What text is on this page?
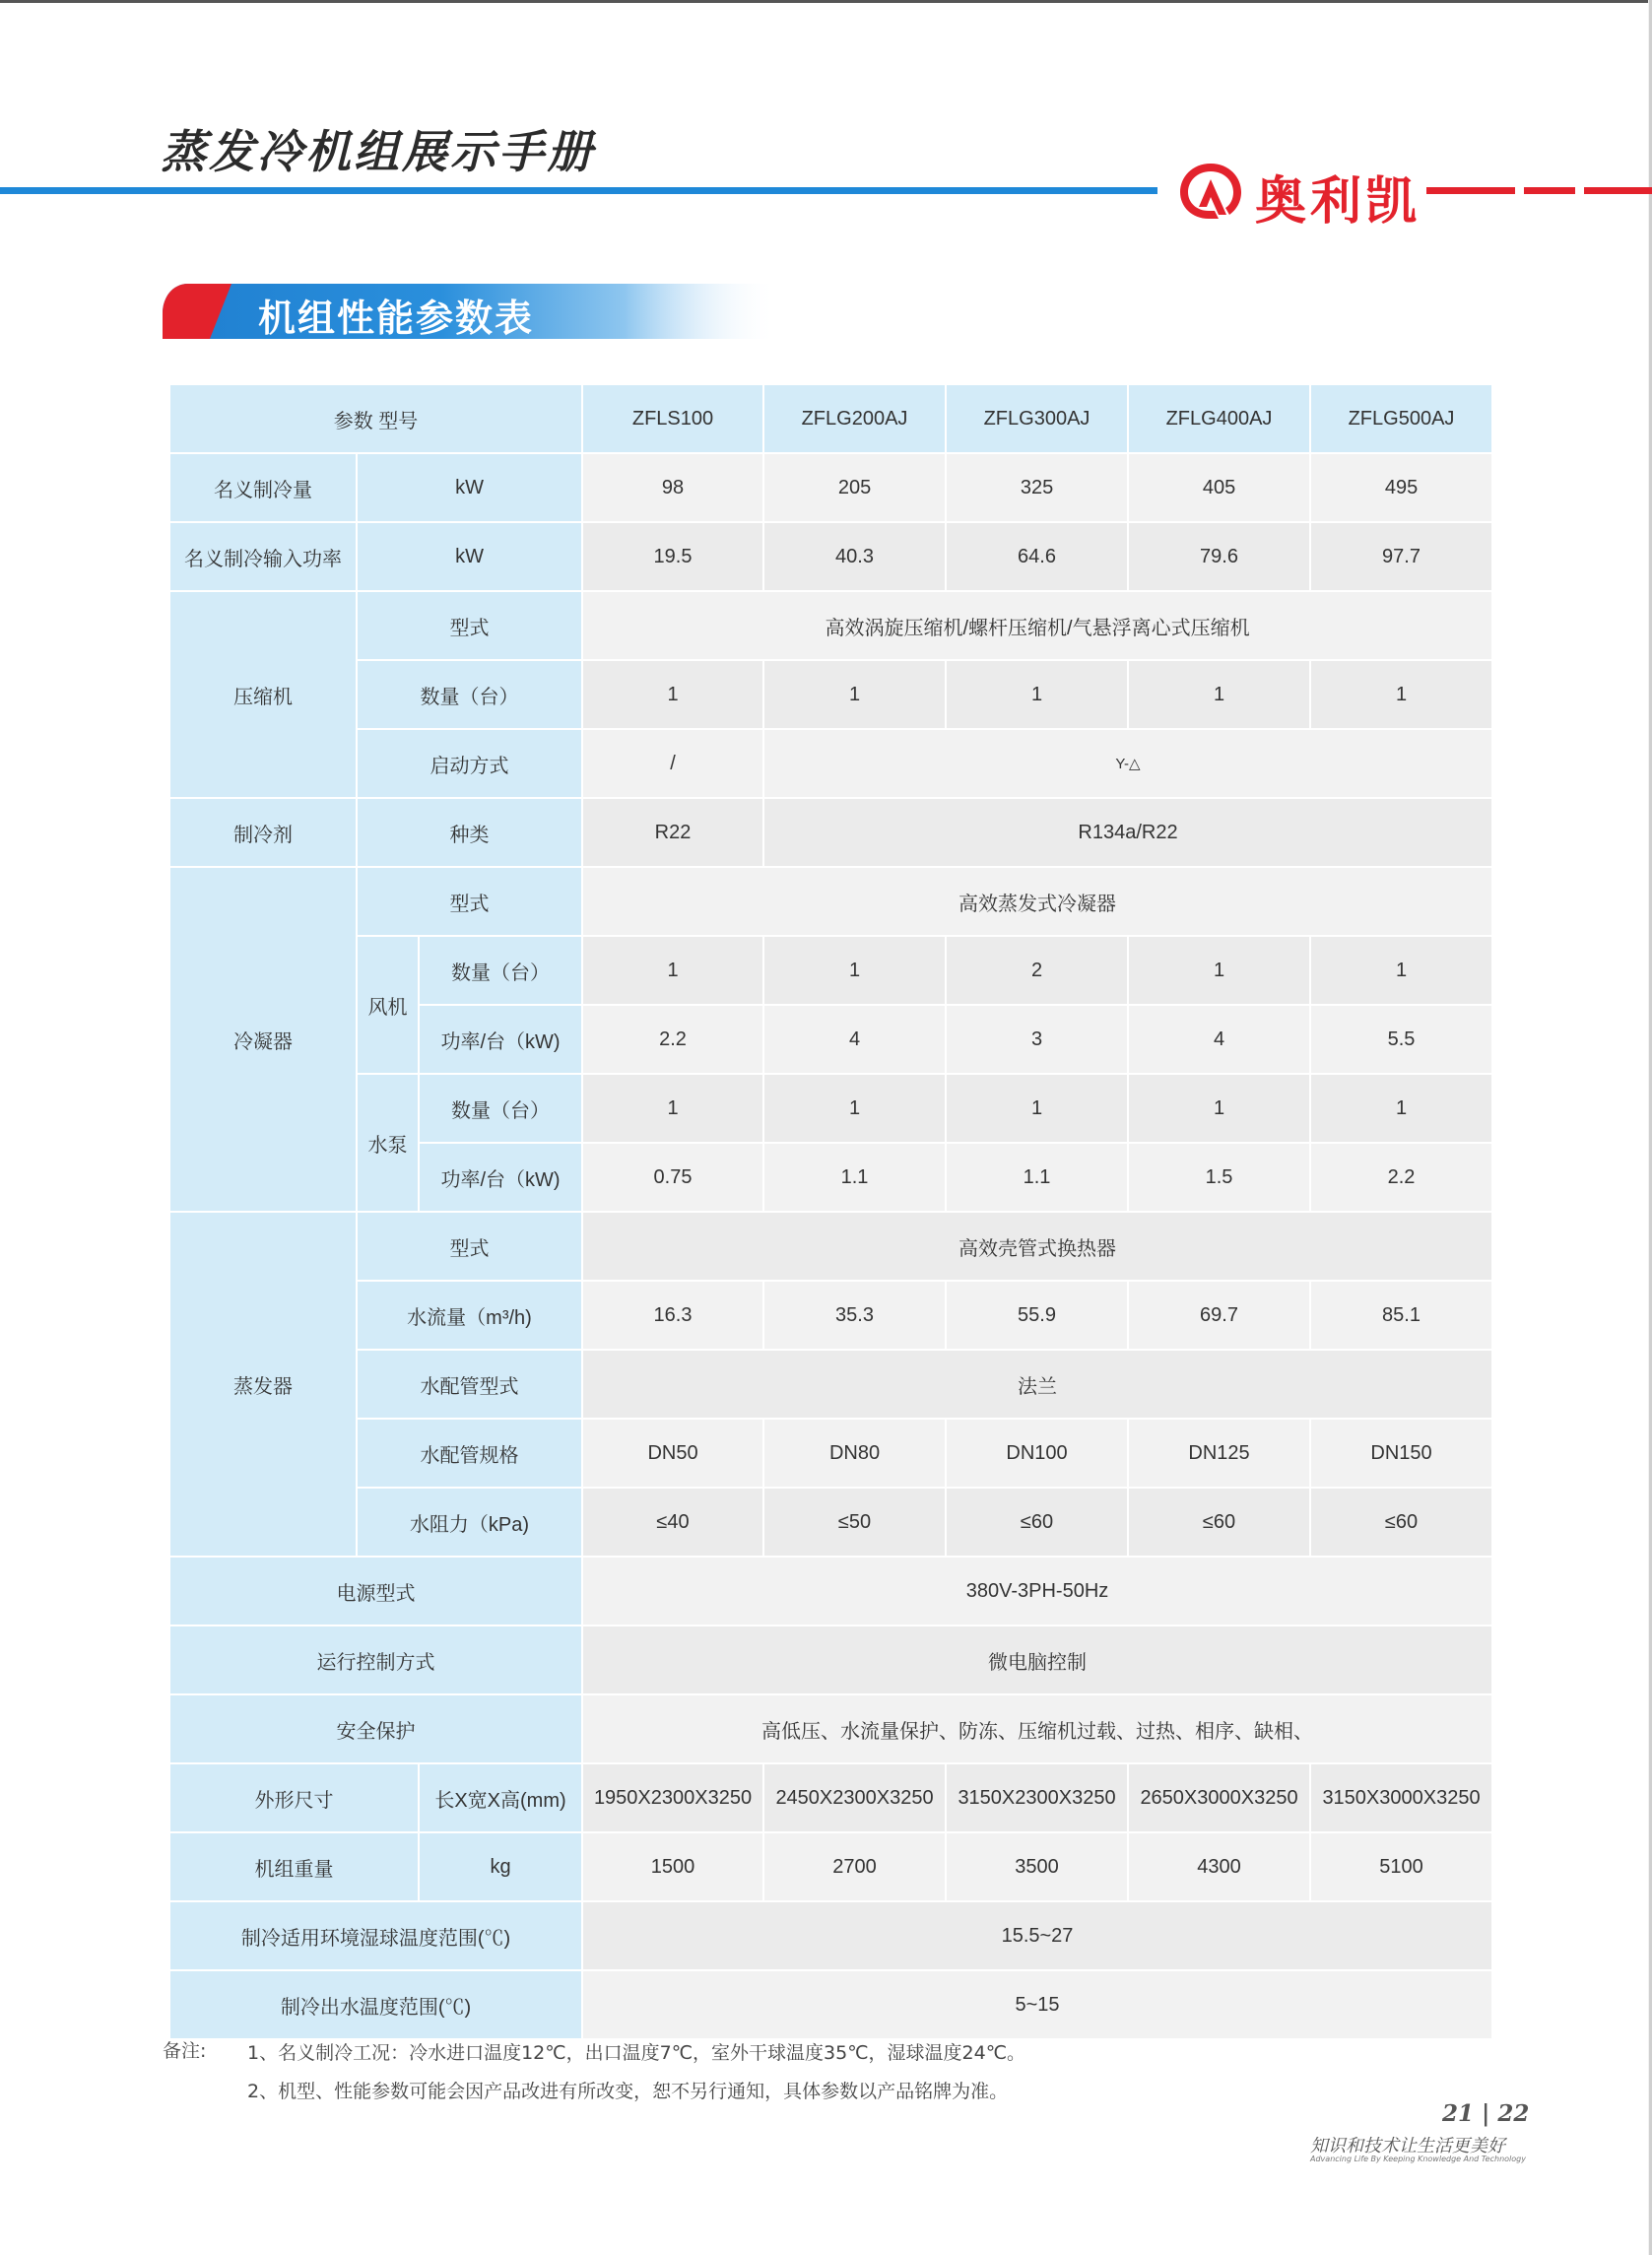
蒸发冷机组展示手册
奥利凯
机组性能参数表
参数 型号			ZFLS100	ZFLG200AJ	ZFLG300AJ	ZFLG400AJ	ZFLG500AJ
名义制冷量	kW		98	205	325	405	495
名义制冷输入功率	kW		19.5	40.3	64.6	79.6	97.7
压缩机	型式		高效涡旋压缩机/螺杆压缩机/气悬浮离心式压缩机				
	数量（台）		1	1	1	1	1
	启动方式		/	Y-△			
制冷剂	种类		R22	R134a/R22			
冷凝器	型式		高效蒸发式冷凝器				
	风机	数量（台）	1	1	2	1	1
		功率/台（kW)	2.2	4	3	4	5.5
	水泵	数量（台）	1	1	1	1	1
		功率/台（kW)	0.75	1.1	1.1	1.5	2.2
蒸发器	型式		高效壳管式换热器				
	水流量（m³/h)		16.3	35.3	55.9	69.7	85.1
	水配管型式		法兰				
	水配管规格		DN50	DN80	DN100	DN125	DN150
	水阻力（kPa)		≤40	≤50	≤60	≤60	≤60
电源型式			380V-3PH-50Hz				
运行控制方式			微电脑控制				
安全保护			高低压、水流量保护、防冻、压缩机过载、过热、相序、缺相、				
外形尺寸		长X宽X高(mm)	1950X2300X3250	2450X2300X3250	3150X2300X3250	2650X3000X3250	3150X3000X3250
机组重量		kg	1500	2700	3500	4300	5100
制冷适用环境湿球温度范围(℃)			15.5~27				
制冷出水温度范围(℃)			5~15				
备注: 1、名义制冷工况：冷水进口温度12℃，出口温度7℃，室外干球温度35℃，湿球温度24℃。
2、机型、性能参数可能会因产品改进有所改变，恕不另行通知，具体参数以产品铭牌为准。
21 | 22
知识和技术让生活更美好
Advancing Life By Keeping Knowledge And Technology
